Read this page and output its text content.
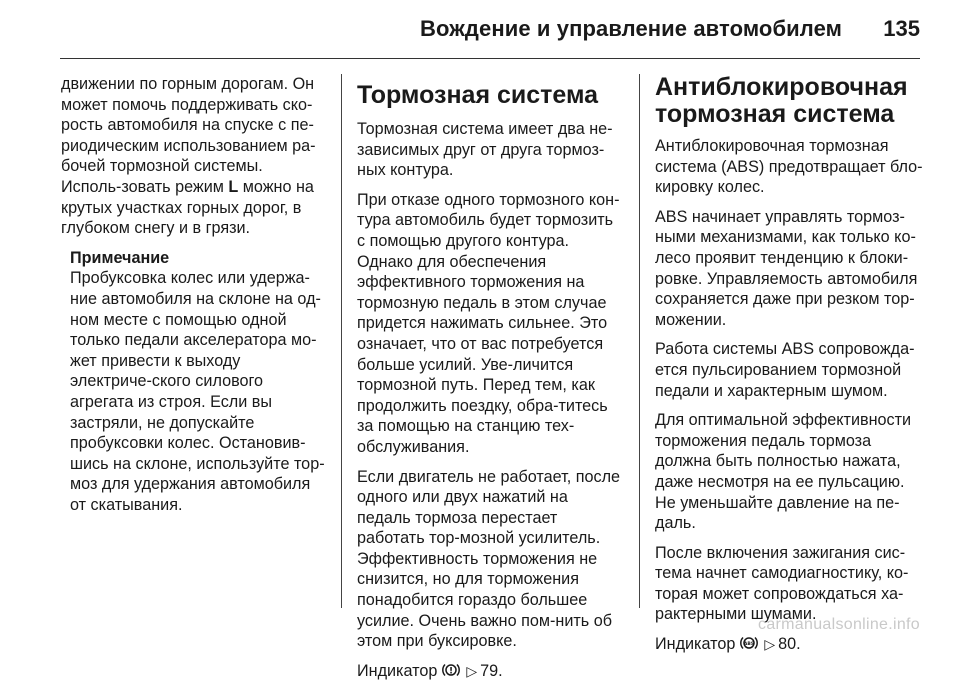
Вождение и управление автомобилем 135

движении по горным дорогам. Он может помочь поддерживать ско-рость автомобиля на спуске с пе-риодическим использованием ра-бочей тормозной системы. Исполь-зовать режим L можно на крутых участках горных дорог, в глубоком снегу и в грязи.

Примечание
Пробуксовка колес или удержа-ние автомобиля на склоне на од-ном месте с помощью одной только педали акселератора мо-жет привести к выходу электриче-ского силового агрегата из строя. Если вы застряли, не допускайте пробуксовки колес. Остановив-шись на склоне, используйте тор-моз для удержания автомобиля от скатывания.
Тормозная система

Тормозная система имеет два не-зависимых друг от друга тормоз-ных контура.

При отказе одного тормозного кон-тура автомобиль будет тормозить с помощью другого контура. Однако для обеспечения эффективного торможения на тормозную педаль в этом случае придется нажимать сильнее. Это означает, что от вас потребуется больше усилий. Уве-личится тормозной путь. Перед тем, как продолжить поездку, обра-титесь за помощью на станцию тех-обслуживания.

Если двигатель не работает, после одного или двух нажатий на педаль тормоза перестает работать тор-мозной усилитель. Эффективность торможения не снизится, но для торможения понадобится гораздо большее усилие. Очень важно пом-нить об этом при буксировке.

Индикатор ! ▷ 79.

Антиблокировочная тормозная система

Антиблокировочная тормозная система (ABS) предотвращает бло-кировку колес.

ABS начинает управлять тормоз-ными механизмами, как только ко-лесо проявит тенденцию к блоки-ровке. Управляемость автомобиля сохраняется даже при резком тор-можении.

Работа системы ABS сопровожда-ется пульсированием тормозной педали и характерным шумом.

Для оптимальной эффективности торможения педаль тормоза должна быть полностью нажата, даже несмотря на ее пульсацию. Не уменьшайте давление на пе-даль.

После включения зажигания сис-тема начнет самодиагностику, ко-торая может сопровождаться ха-рактерными шумами.

Индикатор ABS ▷ 80.

carmanualsonline.info
